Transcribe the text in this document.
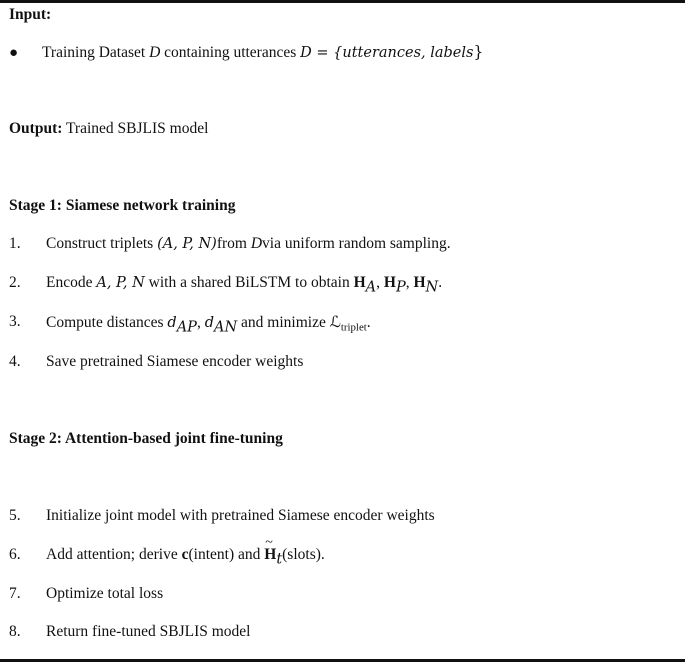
Input:
● Training Dataset D containing utterances D = {utterances, labels}
Output: Trained SBJLIS model
Stage 1: Siamese network training
1. Construct triplets (A, P, N)from Dvia uniform random sampling.
2. Encode A, P, N with a shared BiLSTM to obtain $H_A$, $H_P$, $H_N$.
3. Compute distances $d_{AP}$, $d_{AN}$ and minimize ℒ$_{triplet}$.
4. Save pretrained Siamese encoder weights
Stage 2: Attention-based joint fine-tuning
5. Initialize joint model with pretrained Siamese encoder weights
6. Add attention; derive c(intent) and ~ $H_t(slots)$.
7. Optimize total loss
8. Return fine-tuned SBJLIS model
